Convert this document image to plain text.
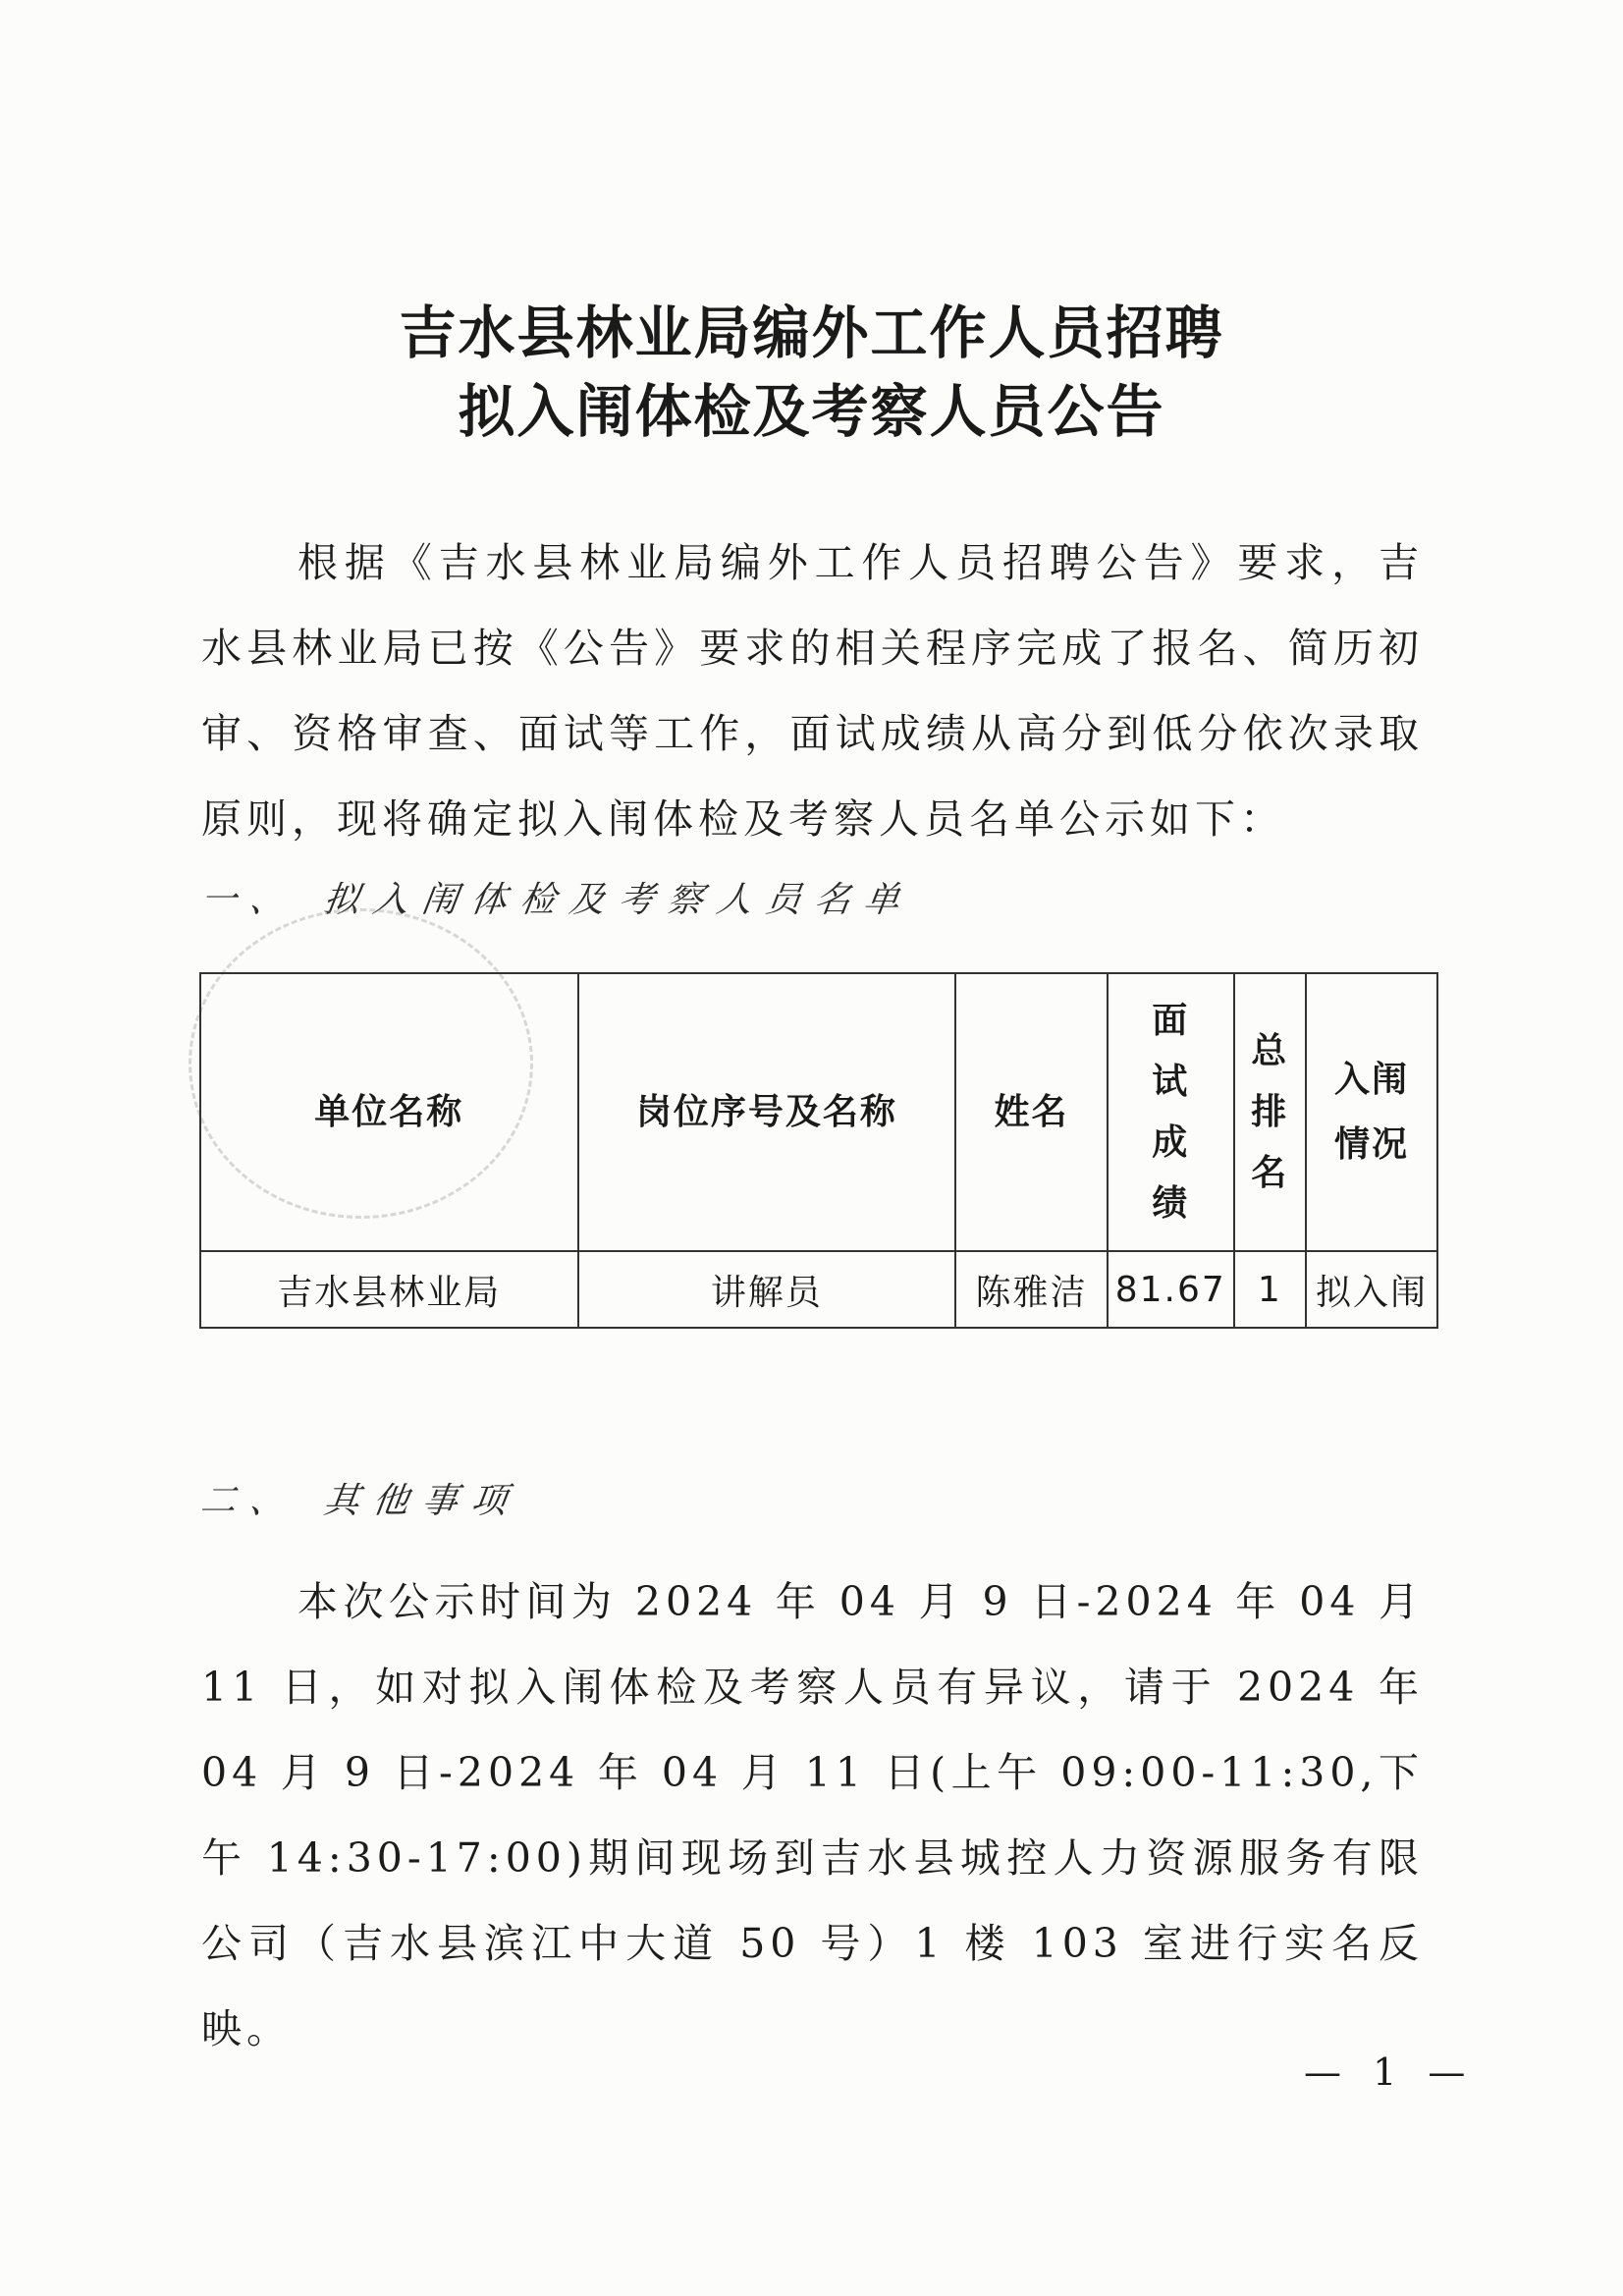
吉水县林业局编外工作人员招聘
拟入闱体检及考察人员公告

根据《吉水县林业局编外工作人员招聘公告》要求，吉水县林业局已按《公告》要求的相关程序完成了报名、简历初审、资格审查、面试等工作，面试成绩从高分到低分依次录取原则，现将确定拟入闱体检及考察人员名单公示如下：

一、 拟入闱体检及考察人员名单
单位名称	岗位序号及名称	姓名	面试成绩	总排名	入闱情况
吉水县林业局	讲解员	陈雅洁	81.67	1	拟入闱
二、 其他事项

本次公示时间为 2024 年 04 月 9 日-2024 年 04 月 11 日，如对拟入闱体检及考察人员有异议，请于 2024 年 04 月 9 日-2024 年 04 月 11 日(上午 09:00-11:30,下午 14:30-17:00)期间现场到吉水县城控人力资源服务有限公司（吉水县滨江中大道 50 号）1 楼 103 室进行实名反映。

— 1 —
